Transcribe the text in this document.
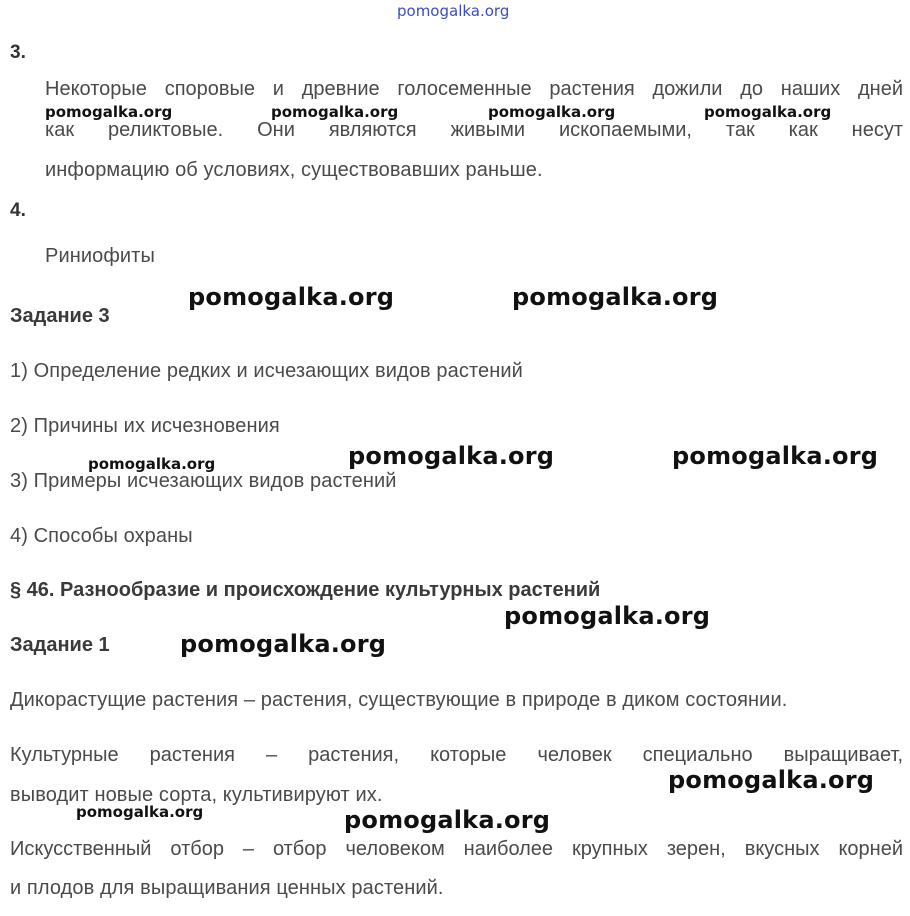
pomogalka.org
3.
Некоторые споровые и древние голосеменные растения дожили до наших дней
как реликтовые. Они являются живыми ископаемыми, так как несут
информацию об условиях, существовавших раньше.
4.
Риниофиты
Задание 3
1) Определение редких и исчезающих видов растений
2) Причины их исчезновения
3) Примеры исчезающих видов растений
4) Способы охраны
§ 46. Разнообразие и происхождение культурных растений
Задание 1
Дикорастущие растения – растения, существующие в природе в диком состоянии.
Культурные растения – растения, которые человек специально выращивает,
выводит новые сорта, культивируют их.
Искусственный отбор – отбор человеком наиболее крупных зерен, вкусных корней
и плодов для выращивания ценных растений.
pomogalka.org	pomogalka.org	pomogalka.org	pomogalka.org
pomogalka.org
pomogalka.org
pomogalka.org	pomogalka.org
pomogalka.org	pomogalka.org
pomogalka.org
pomogalka.org
pomogalka.org
pomogalka.org
